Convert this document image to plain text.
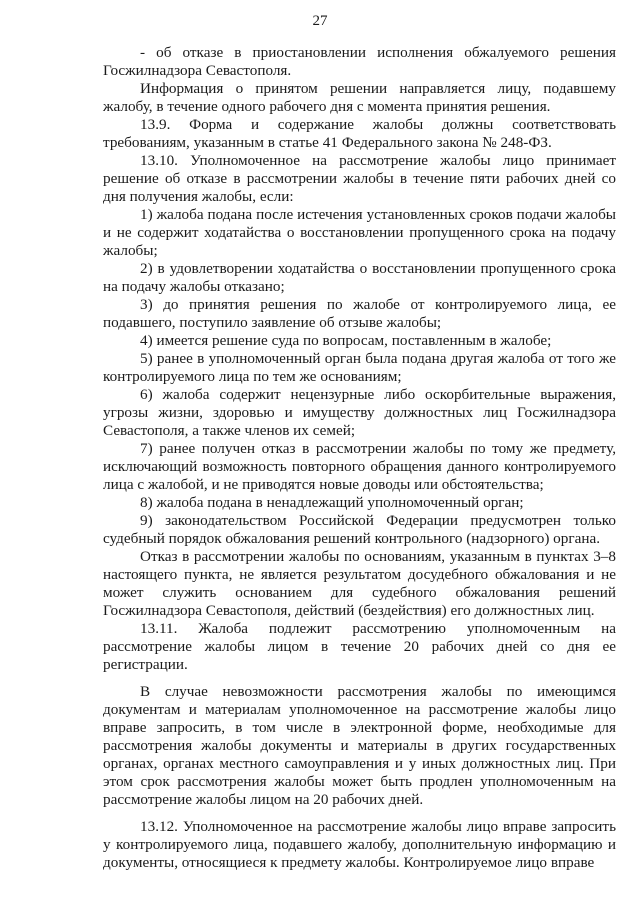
27

- об отказе в приостановлении исполнения обжалуемого решения Госжилнадзора Севастополя.

Информация о принятом решении направляется лицу, подавшему жалобу, в течение одного рабочего дня с момента принятия решения.

13.9. Форма и содержание жалобы должны соответствовать требованиям, указанным в статье 41 Федерального закона № 248-ФЗ.

13.10. Уполномоченное на рассмотрение жалобы лицо принимает решение об отказе в рассмотрении жалобы в течение пяти рабочих дней со дня получения жалобы, если:

1) жалоба подана после истечения установленных сроков подачи жалобы и не содержит ходатайства о восстановлении пропущенного срока на подачу жалобы;

2) в удовлетворении ходатайства о восстановлении пропущенного срока на подачу жалобы отказано;

3) до принятия решения по жалобе от контролируемого лица, ее подавшего, поступило заявление об отзыве жалобы;

4) имеется решение суда по вопросам, поставленным в жалобе;

5) ранее в уполномоченный орган была подана другая жалоба от того же контролируемого лица по тем же основаниям;

6) жалоба содержит нецензурные либо оскорбительные выражения, угрозы жизни, здоровью и имуществу должностных лиц Госжилнадзора Севастополя, а также членов их семей;

7) ранее получен отказ в рассмотрении жалобы по тому же предмету, исключающий возможность повторного обращения данного контролируемого лица с жалобой, и не приводятся новые доводы или обстоятельства;

8) жалоба подана в ненадлежащий уполномоченный орган;

9) законодательством Российской Федерации предусмотрен только судебный порядок обжалования решений контрольного (надзорного) органа.

Отказ в рассмотрении жалобы по основаниям, указанным в пунктах 3–8 настоящего пункта, не является результатом досудебного обжалования и не может служить основанием для судебного обжалования решений Госжилнадзора Севастополя, действий (бездействия) его должностных лиц.

13.11. Жалоба подлежит рассмотрению уполномоченным на рассмотрение жалобы лицом в течение 20 рабочих дней со дня ее регистрации.

В случае невозможности рассмотрения жалобы по имеющимся документам и материалам уполномоченное на рассмотрение жалобы лицо вправе запросить, в том числе в электронной форме, необходимые для рассмотрения жалобы документы и материалы в других государственных органах, органах местного самоуправления и у иных должностных лиц. При этом срок рассмотрения жалобы может быть продлен уполномоченным на рассмотрение жалобы лицом на 20 рабочих дней.

13.12. Уполномоченное на рассмотрение жалобы лицо вправе запросить у контролируемого лица, подавшего жалобу, дополнительную информацию и документы, относящиеся к предмету жалобы. Контролируемое лицо вправе
